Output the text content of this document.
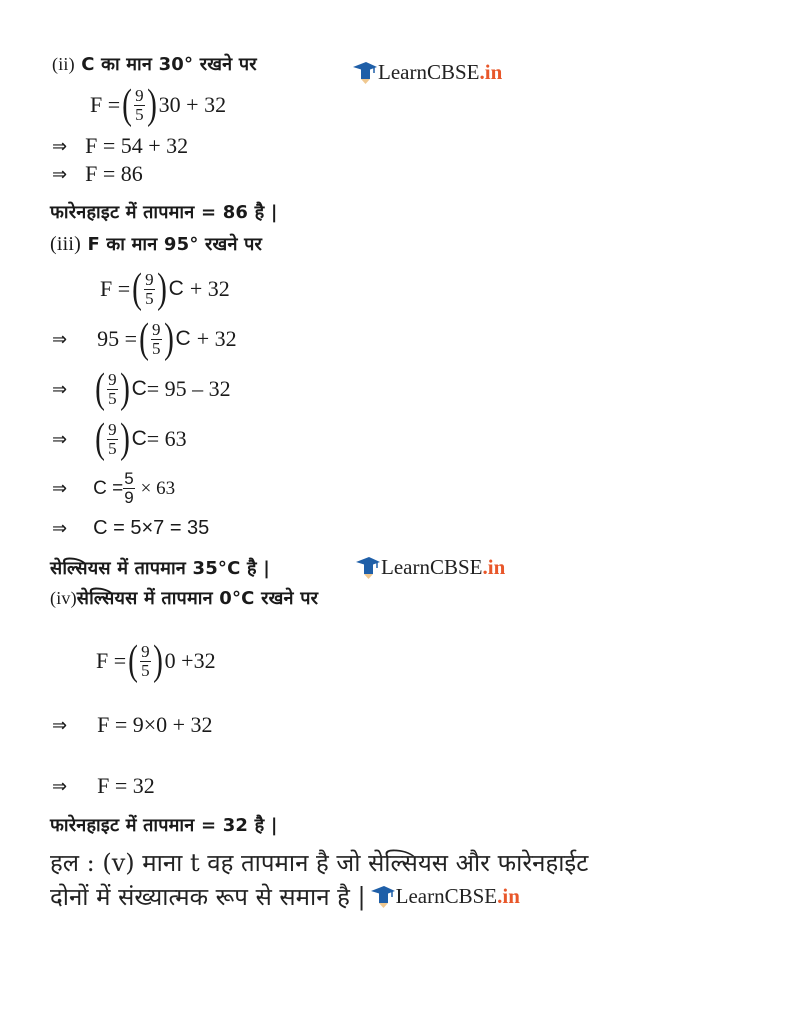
(ii) C का मान 30° रखने पर	LearnCBSE .in
F = ( $\frac{9}{5}$ ) 30 + 32
⇒ F = 54 + 32
⇒ F = 86
फारेनहाइट में तापमान = 86 है |
(iii) F का मान 95° रखने पर
F = ( $\frac{9}{5}$ ) C + 32
⇒ 95 = ( $\frac{9}{5}$ ) C + 32
⇒ ( $\frac{9}{5}$ ) C = 95 – 32
⇒ ( $\frac{9}{5}$ ) C = 63
⇒ $C = \frac{5}{9} \times 63$
⇒ C = 5×7 = 35
सेल्सियस में तापमान 35°C है |	LearnCBSE .in
(iv)सेल्सियस में तापमान 0°C रखने पर
F = ( $\frac{9}{5}$ ) 0 +32
⇒ F = 9×0 + 32
⇒ F = 32
फारेनहाइट में तापमान = 32 है |
हल : (v) माना t वह तापमान है जो सेल्सियस और फारेनहाईट
दोनों में संख्यात्मक रूप से समान है | LearnCBSE .in
